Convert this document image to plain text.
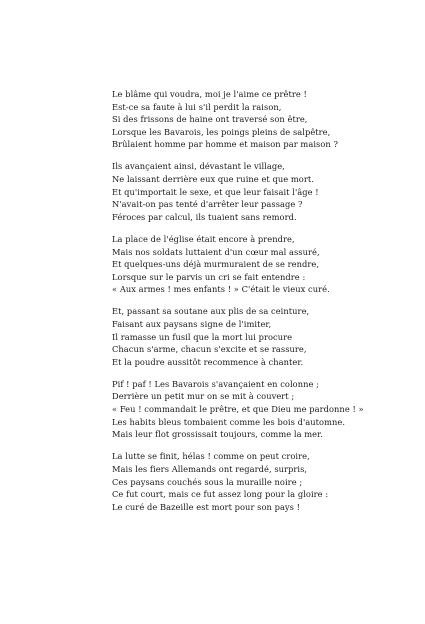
Le blâme qui voudra, moi je l'aime ce prêtre !
Est-ce sa faute à lui s'il perdit la raison,
Si des frissons de haine ont traversé son être,
Lorsque les Bavarois, les poings pleins de salpêtre,
Brûlaient homme par homme et maison par maison ?
Ils avançaient ainsi, dévastant le village,
Ne laissant derrière eux que ruine et que mort.
Et qu'importait le sexe, et que leur faisait l'âge !
N'avait-on pas tenté d'arrêter leur passage ?
Féroces par calcul, ils tuaient sans remord.
La place de l'église était encore à prendre,
Mais nos soldats luttaient d'un cœur mal assuré,
Et quelques-uns déjà murmuraient de se rendre,
Lorsque sur le parvis un cri se fait entendre :
« Aux armes ! mes enfants ! » C'était le vieux curé.
Et, passant sa soutane aux plis de sa ceinture,
Faisant aux paysans signe de l'imiter,
Il ramasse un fusil que la mort lui procure
Chacun s'arme, chacun s'excite et se rassure,
Et la poudre aussitôt recommence à chanter.
Pif ! paf ! Les Bavarois s'avançaient en colonne ;
Derrière un petit mur on se mit à couvert ;
« Feu ! commandait le prêtre, et que Dieu me pardonne ! »
Les habits bleus tombaient comme les bois d'automne.
Mais leur flot grossissait toujours, comme la mer.
La lutte se finit, hélas ! comme on peut croire,
Mais les fiers Allemands ont regardé, surpris,
Ces paysans couchés sous la muraille noire ;
Ce fut court, mais ce fut assez long pour la gloire :
Le curé de Bazeille est mort pour son pays !
